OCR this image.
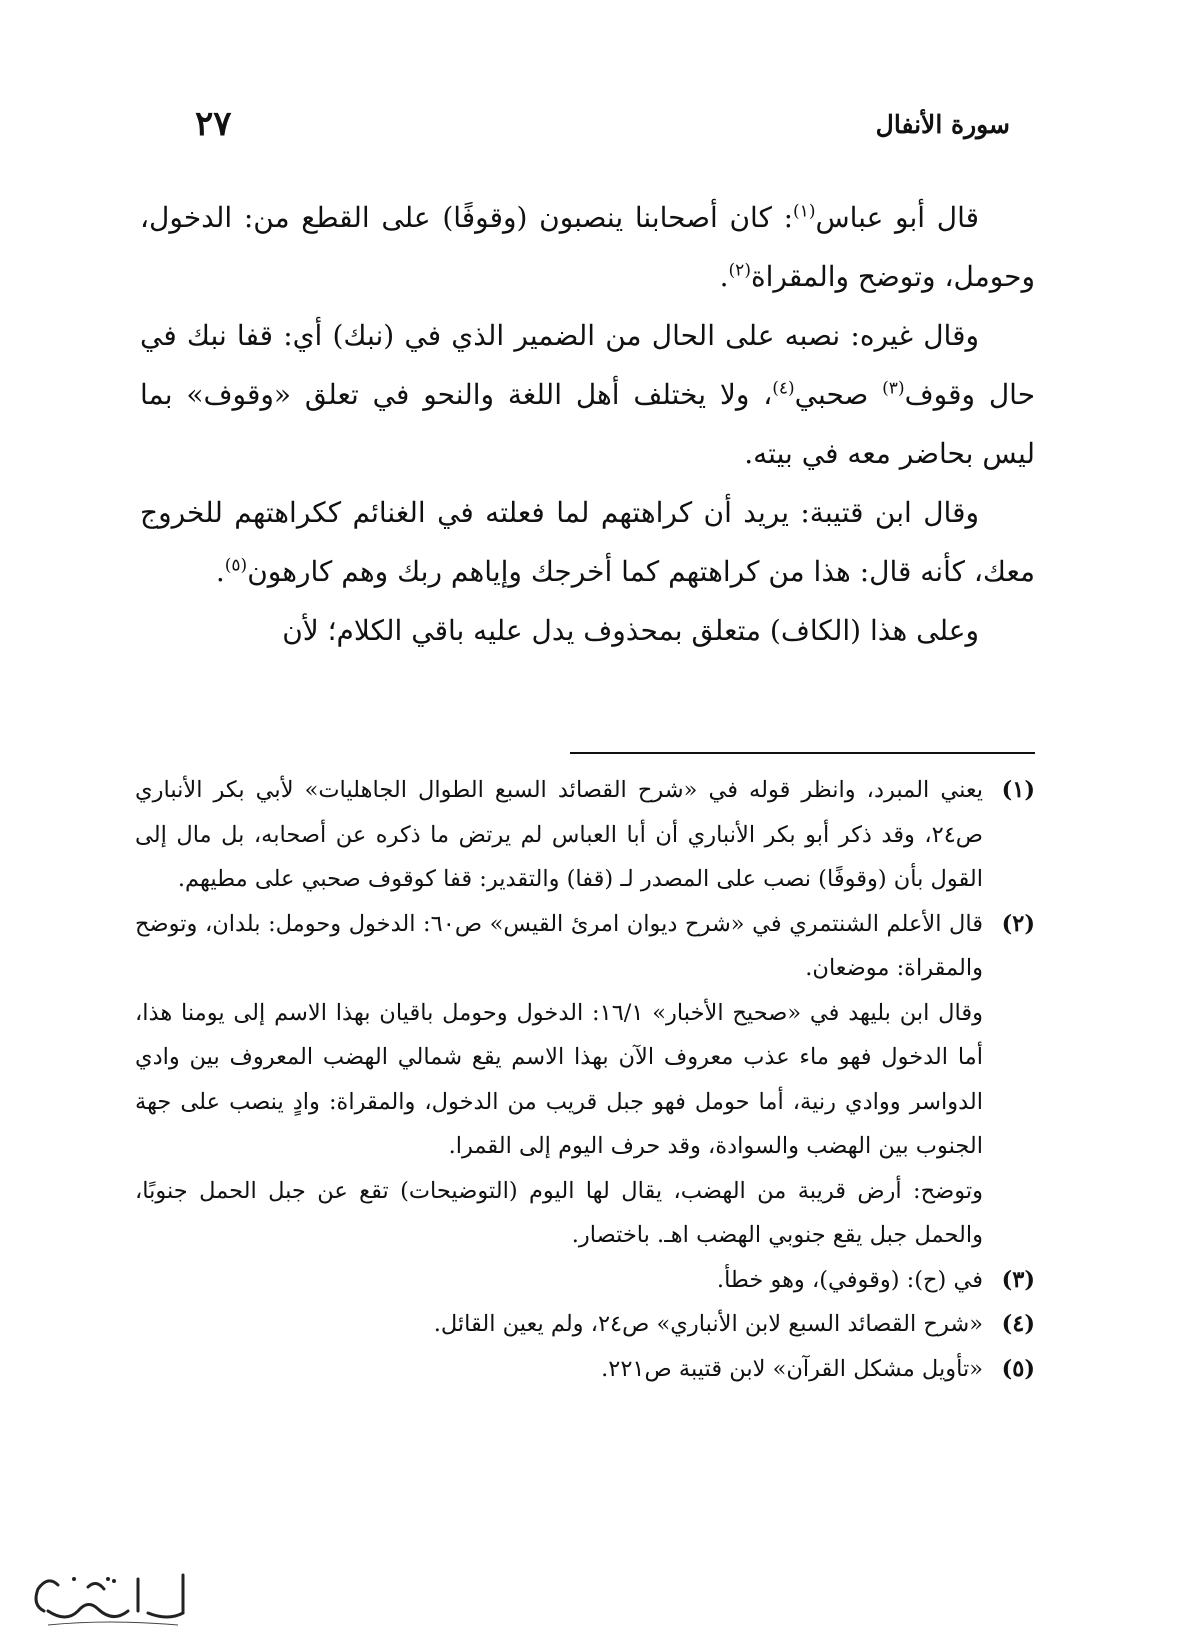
سورة الأنفال
٢٧

قال أبو عباس$^{(١)}$: كان أصحابنا ينصبون (وقوفًا) على القطع من: الدخول، وحومل، وتوضح والمقراة$^{(٢)}$.

وقال غيره: نصبه على الحال من الضمير الذي في (نبك) أي: قفا نبك في حال وقوف$^{(٣)}$ صحبي$^{(٤)}$، ولا يختلف أهل اللغة والنحو في تعلق «وقوف» بما ليس بحاضر معه في بيته.

وقال ابن قتيبة: يريد أن كراهتهم لما فعلته في الغنائم ككراهتهم للخروج معك، كأنه قال: هذا من كراهتهم كما أخرجك وإياهم ربك وهم كارهون$^{(٥)}$.

وعلى هذا (الكاف) متعلق بمحذوف يدل عليه باقي الكلام؛ لأن

(١)

يعني المبرد، وانظر قوله في «شرح القصائد السبع الطوال الجاهليات» لأبي بكر الأنباري ص٢٤، وقد ذكر أبو بكر الأنباري أن أبا العباس لم يرتض ما ذكره عن أصحابه، بل مال إلى القول بأن (وقوفًا) نصب على المصدر لـ (قفا) والتقدير: قفا كوقوف صحبي على مطيهم.

(٢)

قال الأعلم الشنتمري في «شرح ديوان امرئ القيس» ص٦٠: الدخول وحومل: بلدان، وتوضح والمقراة: موضعان.

وقال ابن بليهد في «صحيح الأخبار» ١٦/١: الدخول وحومل باقيان بهذا الاسم إلى يومنا هذا، أما الدخول فهو ماء عذب معروف الآن بهذا الاسم يقع شمالي الهضب المعروف بين وادي الدواسر ووادي رنية، أما حومل فهو جبل قريب من الدخول، والمقراة: وادٍ ينصب على جهة الجنوب بين الهضب والسوادة، وقد حرف اليوم إلى القمرا.

وتوضح: أرض قريبة من الهضب، يقال لها اليوم (التوضيحات) تقع عن جبل الحمل جنوبًا، والحمل جبل يقع جنوبي الهضب اهـ. باختصار.

(٣)

في (ح): (وقوفي)، وهو خطأ.

(٤)

«شرح القصائد السبع لابن الأنباري» ص٢٤، ولم يعين القائل.

(٥)

«تأويل مشكل القرآن» لابن قتيبة ص٢٢١.
